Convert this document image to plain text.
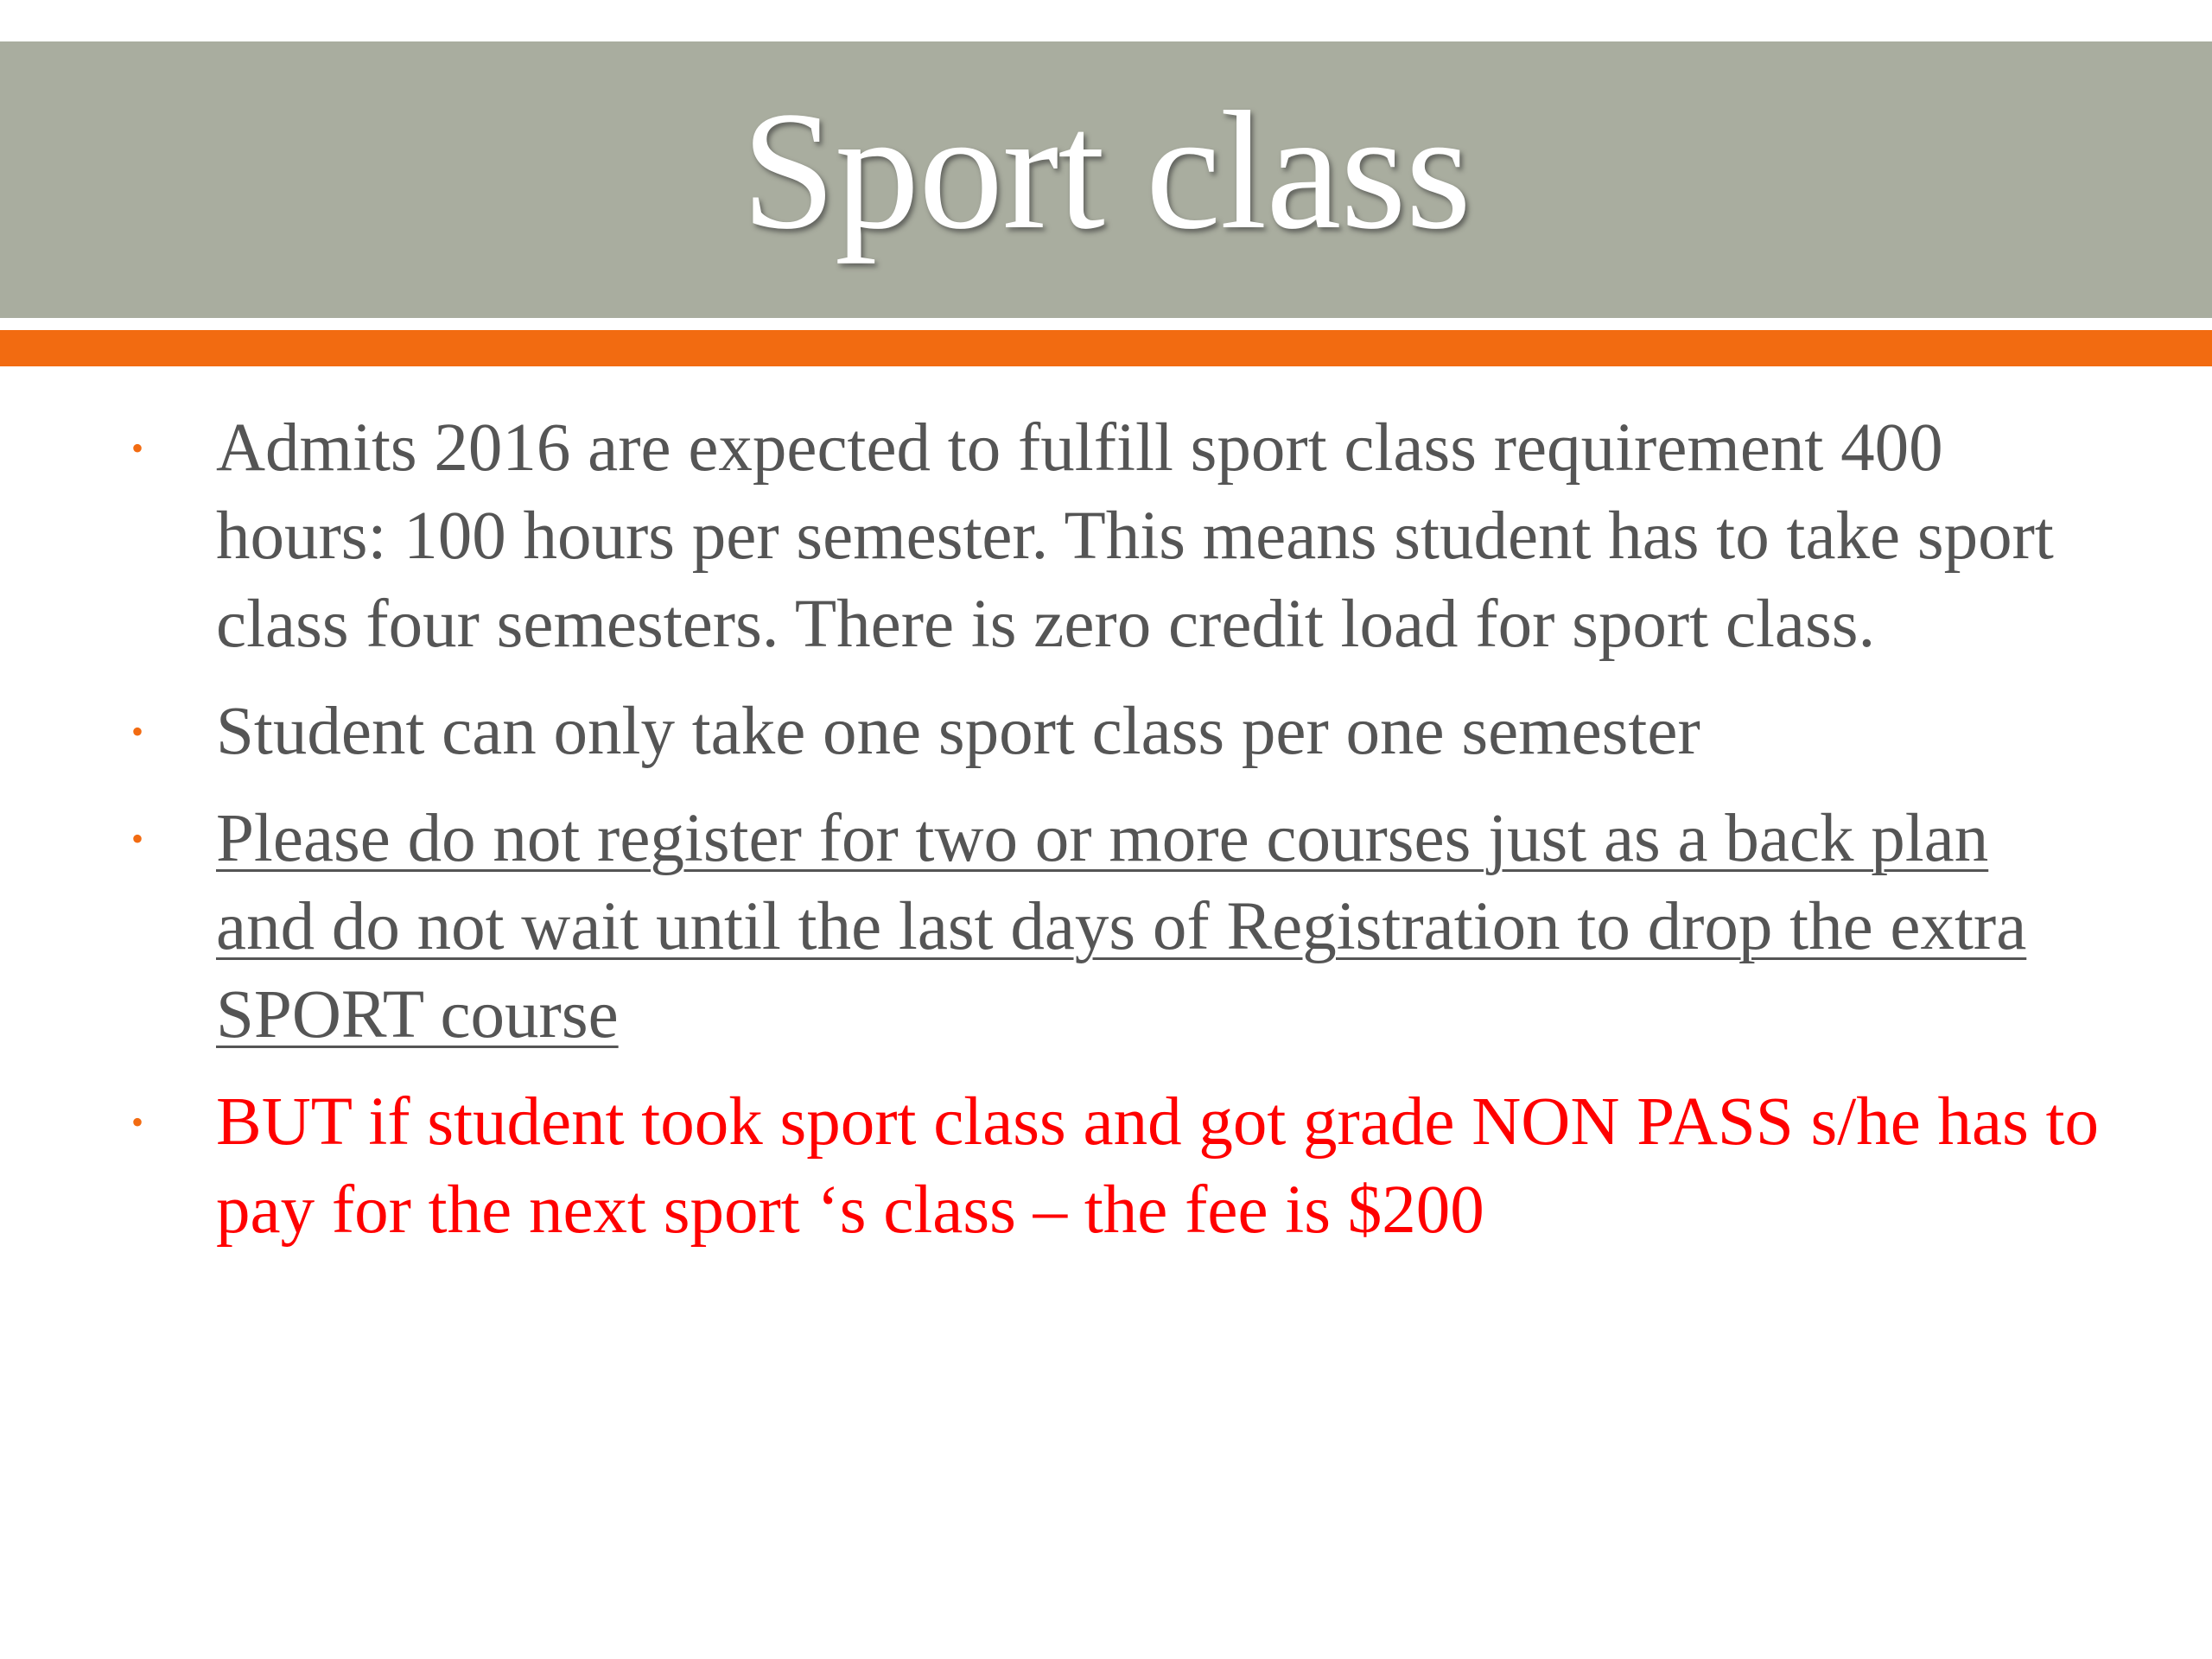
Sport class
•	Admits 2016 are expected to fulfill sport class requirement 400 hours: 100 hours per semester. This means student has to take sport class four semesters. There is zero credit load for sport class.
•	Student can only take one sport class per one semester
•	Please do not register for two or more courses just as a back plan and do not wait until the last days of Registration to drop the extra SPORT course
•	BUT if student took sport class and got grade NON PASS s/he has to pay for the next sport ‘s class – the fee is $200
